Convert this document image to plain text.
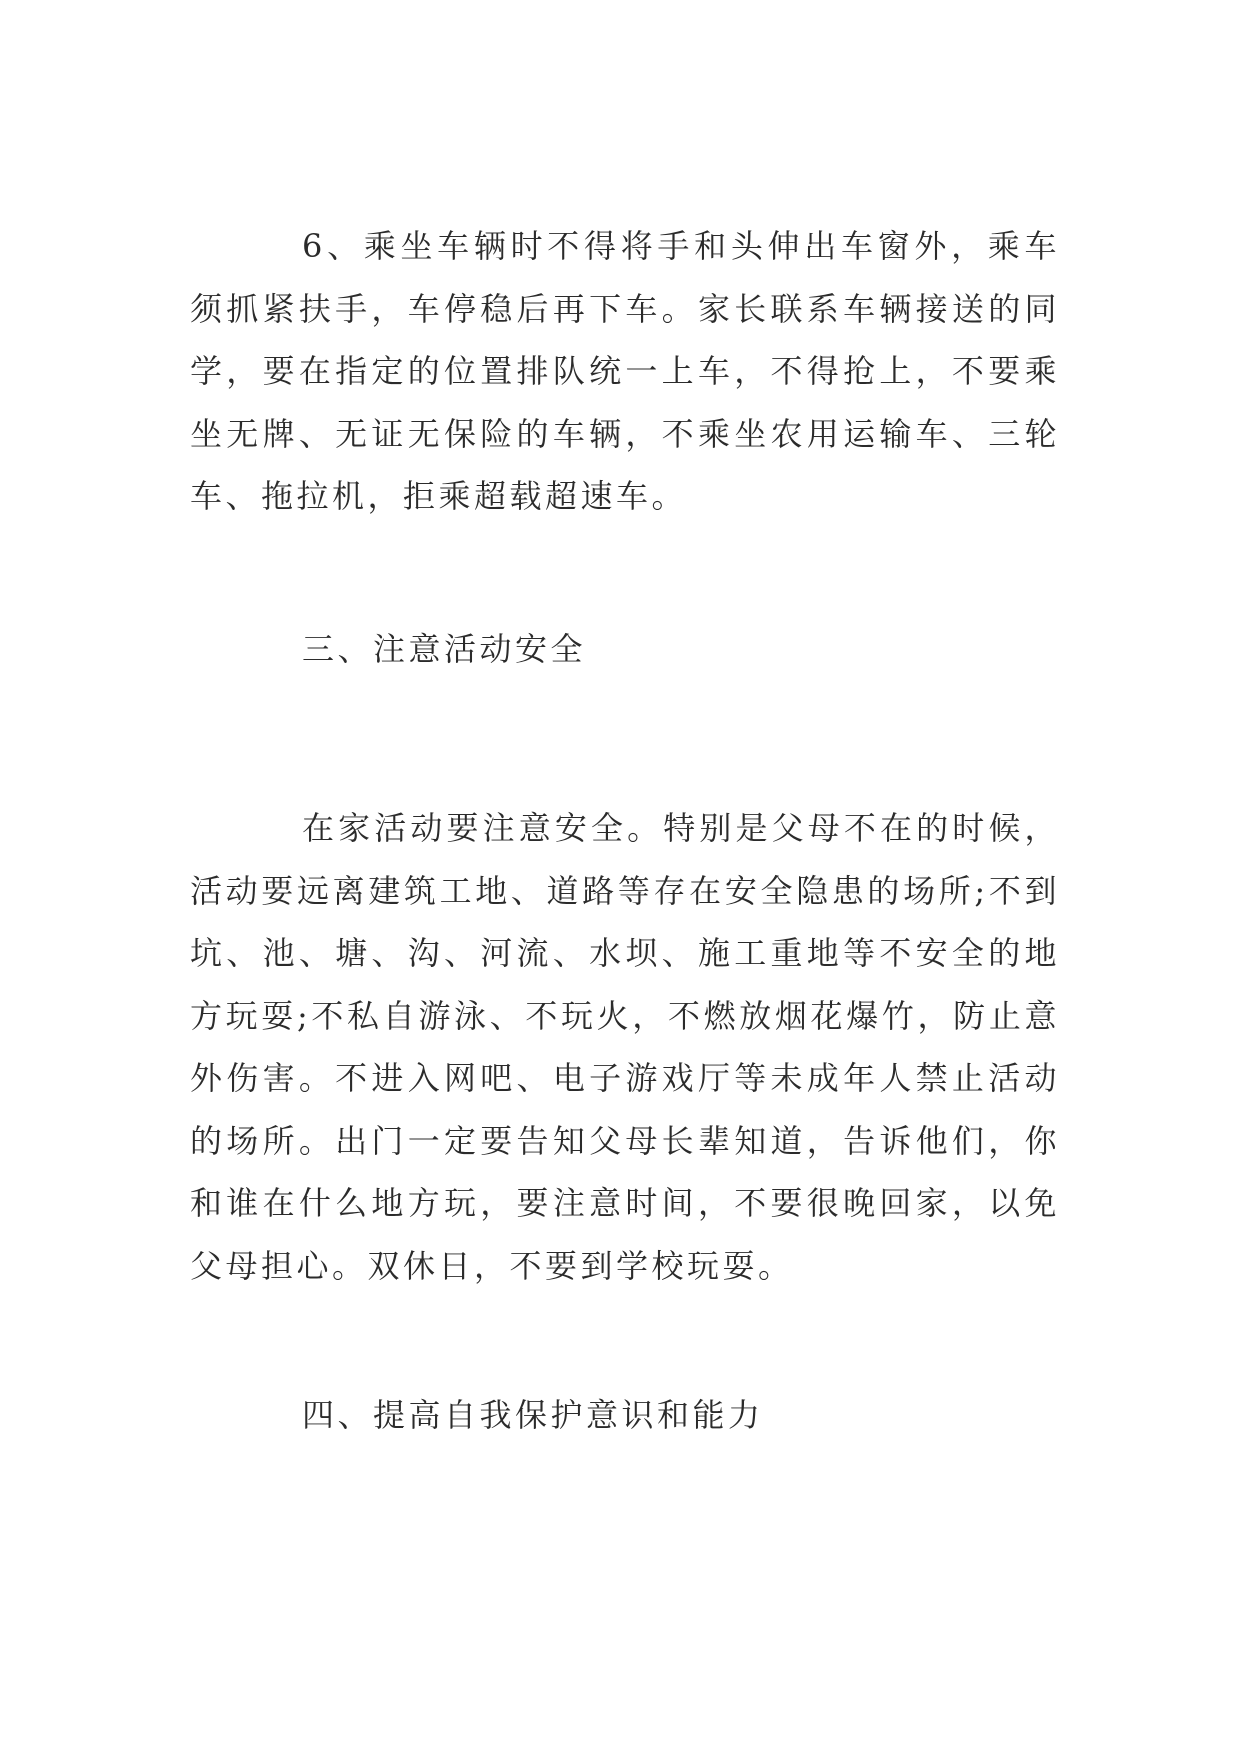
6、乘坐车辆时不得将手和头伸出车窗外，乘车须抓紧扶手，车停稳后再下车。家长联系车辆接送的同学，要在指定的位置排队统一上车，不得抢上，不要乘坐无牌、无证无保险的车辆，不乘坐农用运输车、三轮车、拖拉机，拒乘超载超速车。

三、注意活动安全

在家活动要注意安全。特别是父母不在的时候，活动要远离建筑工地、道路等存在安全隐患的场所;不到坑、池、塘、沟、河流、水坝、施工重地等不安全的地方玩耍;不私自游泳、不玩火，不燃放烟花爆竹，防止意外伤害。不进入网吧、电子游戏厅等未成年人禁止活动的场所。出门一定要告知父母长辈知道，告诉他们，你和谁在什么地方玩，要注意时间，不要很晚回家，以免父母担心。双休日，不要到学校玩耍。

四、提高自我保护意识和能力
